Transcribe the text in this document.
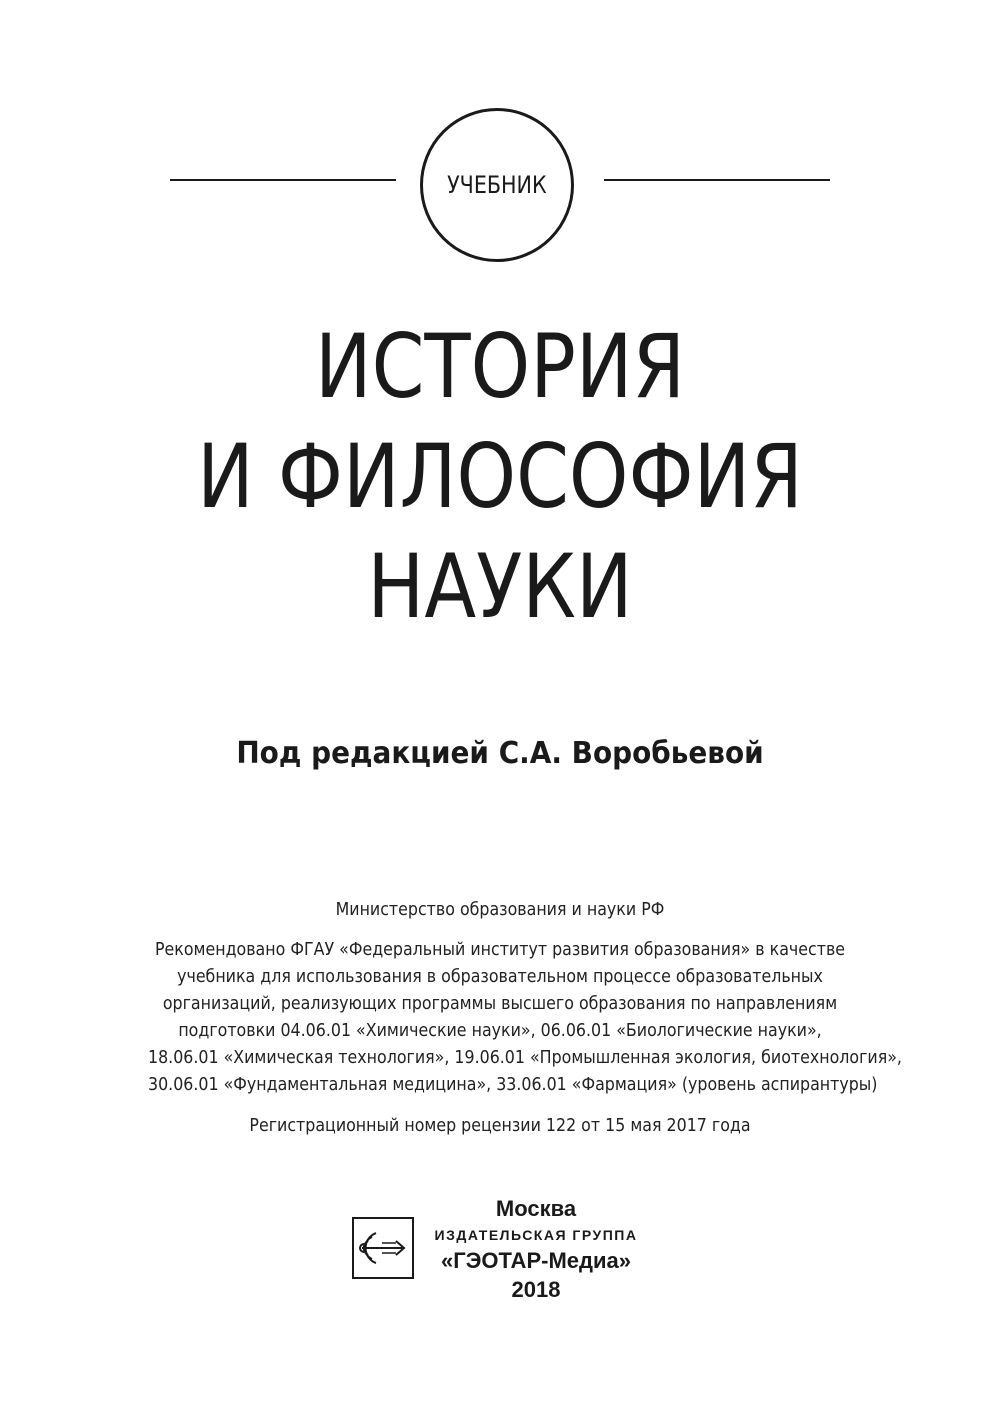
УЧЕБНИК
ИСТОРИЯ
И ФИЛОСОФИЯ
НАУКИ
Под редакцией С.А. Воробьевой
Министерство образования и науки РФ
Рекомендовано ФГАУ «Федеральный институт развития образования» в качестве
учебника для использования в образовательном процессе образовательных
организаций, реализующих программы высшего образования по направлениям
подготовки 04.06.01 «Химические науки», 06.06.01 «Биологические науки»,
18.06.01 «Химическая технология», 19.06.01 «Промышленная экология, биотехнология»,
30.06.01 «Фундаментальная медицина», 33.06.01 «Фармация» (уровень аспирантуры)
Регистрационный номер рецензии 122 от 15 мая 2017 года
Москва
ИЗДАТЕЛЬСКАЯ ГРУППА
«ГЭОТАР-Медиа»
2018
